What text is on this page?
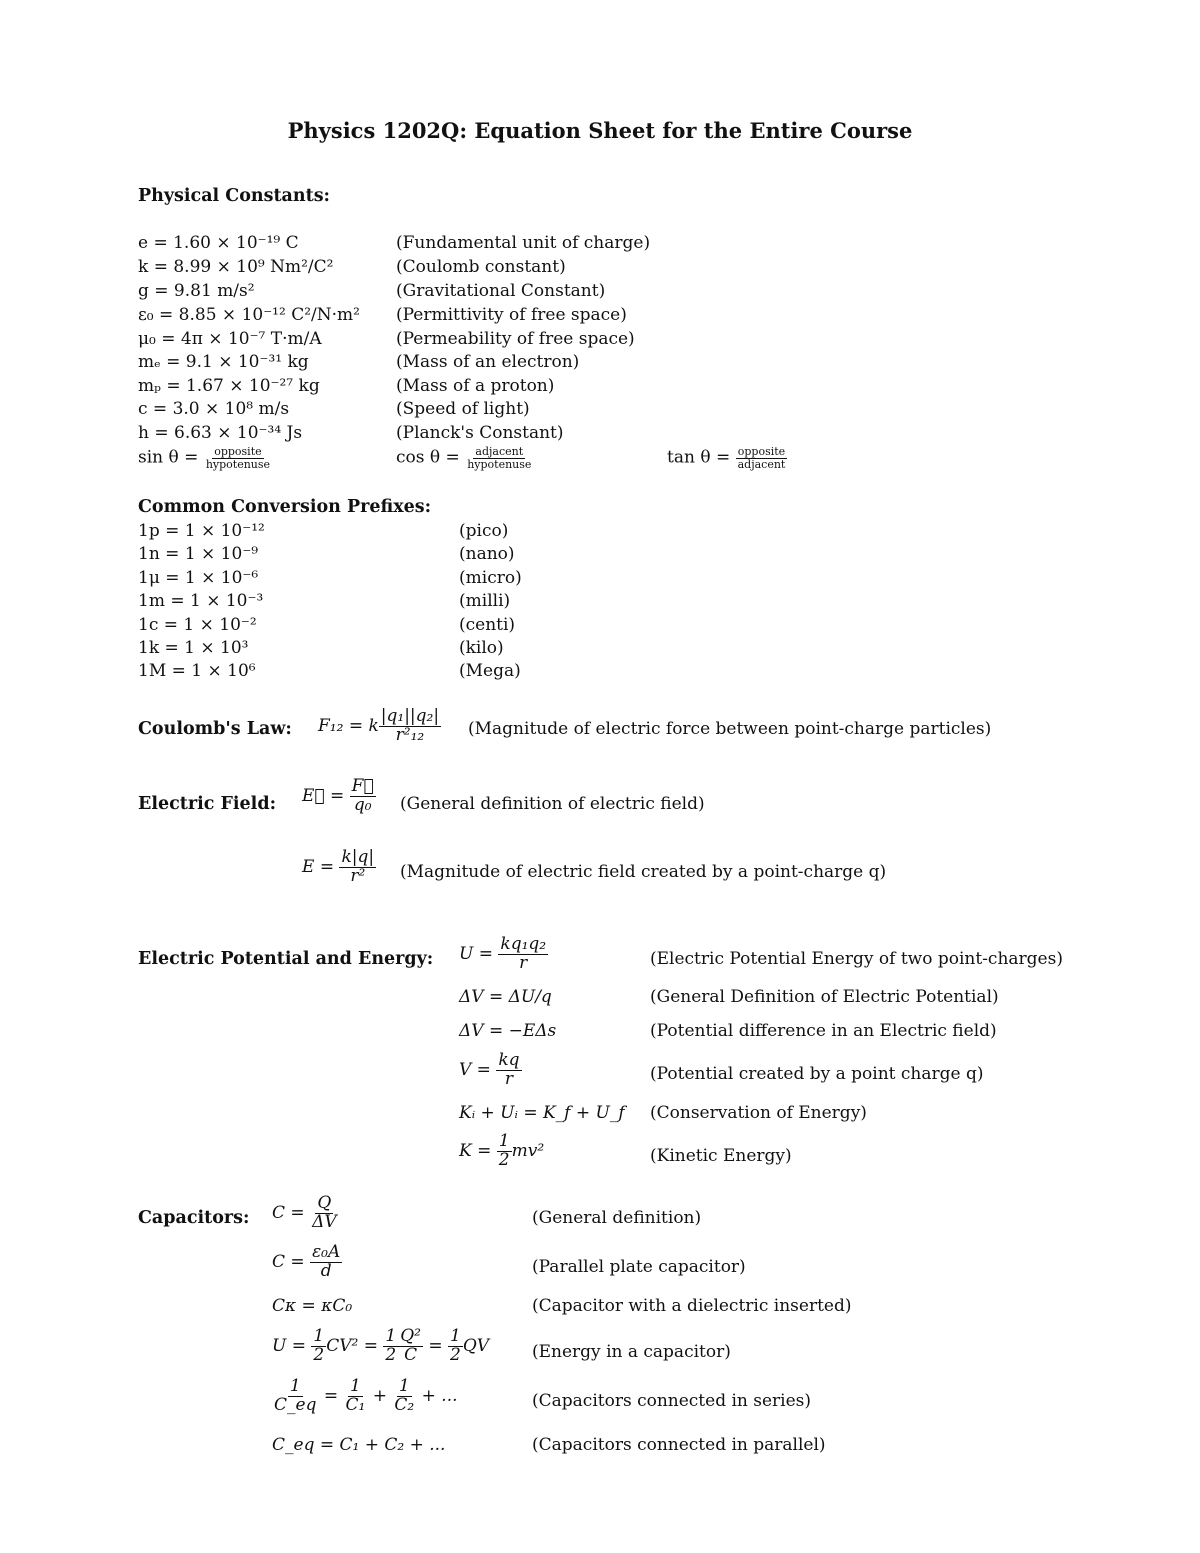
Physics 1202Q: Equation Sheet for the Entire Course
Physical Constants:
e = 1.60 × 10⁻¹⁹ C	(Fundamental unit of charge)
k = 8.99 × 10⁹ Nm²/C²	(Coulomb constant)
g = 9.81 m/s²	(Gravitational Constant)
ε₀ = 8.85 × 10⁻¹² C²/N·m² (Permittivity of free space)
μ₀ = 4π × 10⁻⁷ T·m/A	(Permeability of free space)
mₑ = 9.1 × 10⁻³¹ kg	(Mass of an electron)
mₚ = 1.67 × 10⁻²⁷ kg	(Mass of a proton)
c = 3.0 × 10⁸ m/s	(Speed of light)
h = 6.63 × 10⁻³⁴ Js	(Planck's Constant)
$\sin \theta = \frac{\text{opposite}}{\text{hypotenuse}}$	$\cos \theta = \frac{\text{adjacent}}{\text{hypotenuse}}$	$\tan \theta = \frac{\text{opposite}}{\text{adjacent}}$
Common Conversion Prefixes:
1p = 1 × 10⁻¹²	(pico)
1n = 1 × 10⁻⁹	(nano)
1μ = 1 × 10⁻⁶	(micro)
1m = 1 × 10⁻³	(milli)
1c = 1 × 10⁻²	(centi)
1k = 1 × 10³	(kilo)
1M = 1 × 10⁶	(Mega)
Coulomb's Law: F₁₂ = k $\frac{\text{|q₁||q₂|}}{\text{r²₁₂}}$ (Magnitude of electric force between point-charge particles)
Electric Field: E⃗ = $\frac{F⃗}{\text{q₀}}$ (General definition of electric field)
$E = \frac{k|q|}{\text{r²}}$ (Magnitude of electric field created by a point-charge q)
Electric Potential and Energy: $U = \frac{\text{kq₁q₂}}{r}$	(Electric Potential Energy of two point-charges)
ΔV = ΔU/q	(General Definition of Electric Potential)
ΔV = −EΔs	(Potential difference in an Electric field)
$V = \frac{kq}{r}$	(Potential created by a point charge q)
Kᵢ + Uᵢ = K_f + U_f (Conservation of Energy)
$K = \frac{1}{2} mv^2$	(Kinetic Energy)
Capacitors: $C = \frac{Q}{\Delta V}$	(General definition)
$C = \frac{\text{ε₀A}}{d}$	(Parallel plate capacitor)
Cκ = κC₀	(Capacitor with a dielectric inserted)
$U = \frac{1}{2} CV^2 = \frac{1}{2} \frac{\text{Q²}}{C} = \frac{1}{2}$ QV	(Energy in a capacitor)
$\frac{1}{C\_eq} = \frac{1}{\text{C₁}} + \frac{1}{\text{C₂}}$ + ...	(Capacitors connected in series)
C_eq = C₁ + C₂ + ...	(Capacitors connected in parallel)
